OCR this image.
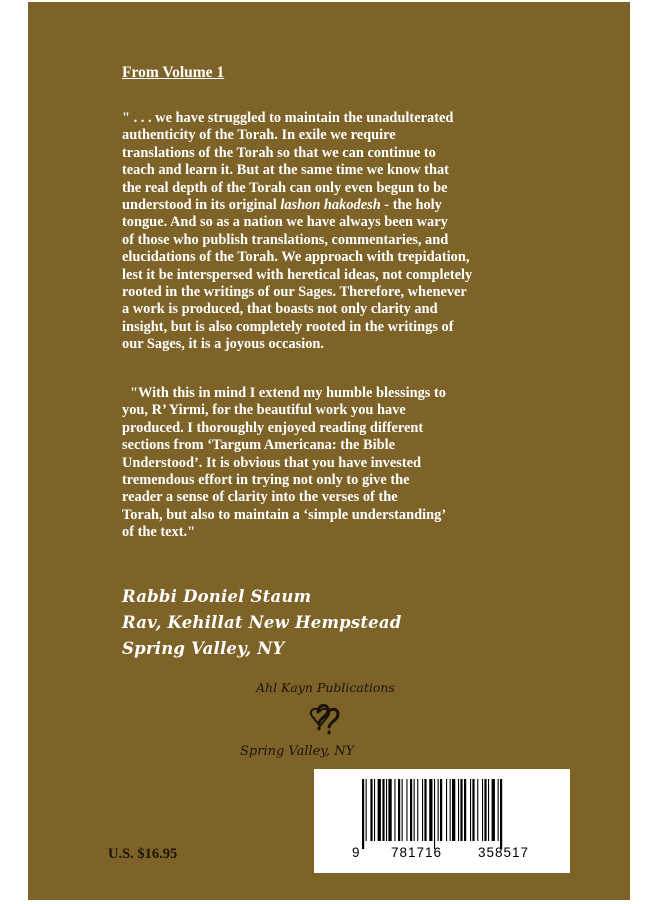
From Volume 1
" . . . we have struggled to maintain the unadulterated
authenticity of the Torah. In exile we require
translations of the Torah so that we can continue to
teach and learn it. But at the same time we know that
the real depth of the Torah can only even begun to be
understood in its original lashon hakodesh - the holy
tongue. And so as a nation we have always been wary
of those who publish translations, commentaries, and
elucidations of the Torah. We approach with trepidation,
lest it be interspersed with heretical ideas, not completely
rooted in the writings of our Sages. Therefore, whenever
a work is produced, that boasts not only clarity and
insight, but is also completely rooted in the writings of
our Sages, it is a joyous occasion.
"With this in mind I extend my humble blessings to
you, R’ Yirmi, for the beautiful work you have
produced. I thoroughly enjoyed reading different
sections from ‘Targum Americana: the Bible
Understood’. It is obvious that you have invested
tremendous effort in trying not only to give the
reader a sense of clarity into the verses of the
Torah, but also to maintain a ‘simple understanding’
of the text."
Rabbi Doniel Staum
Rav, Kehillat New Hempstead
Spring Valley, NY
Ahl Kayn Publications
Spring Valley, NY
U.S. $16.95	9 781716	358517
